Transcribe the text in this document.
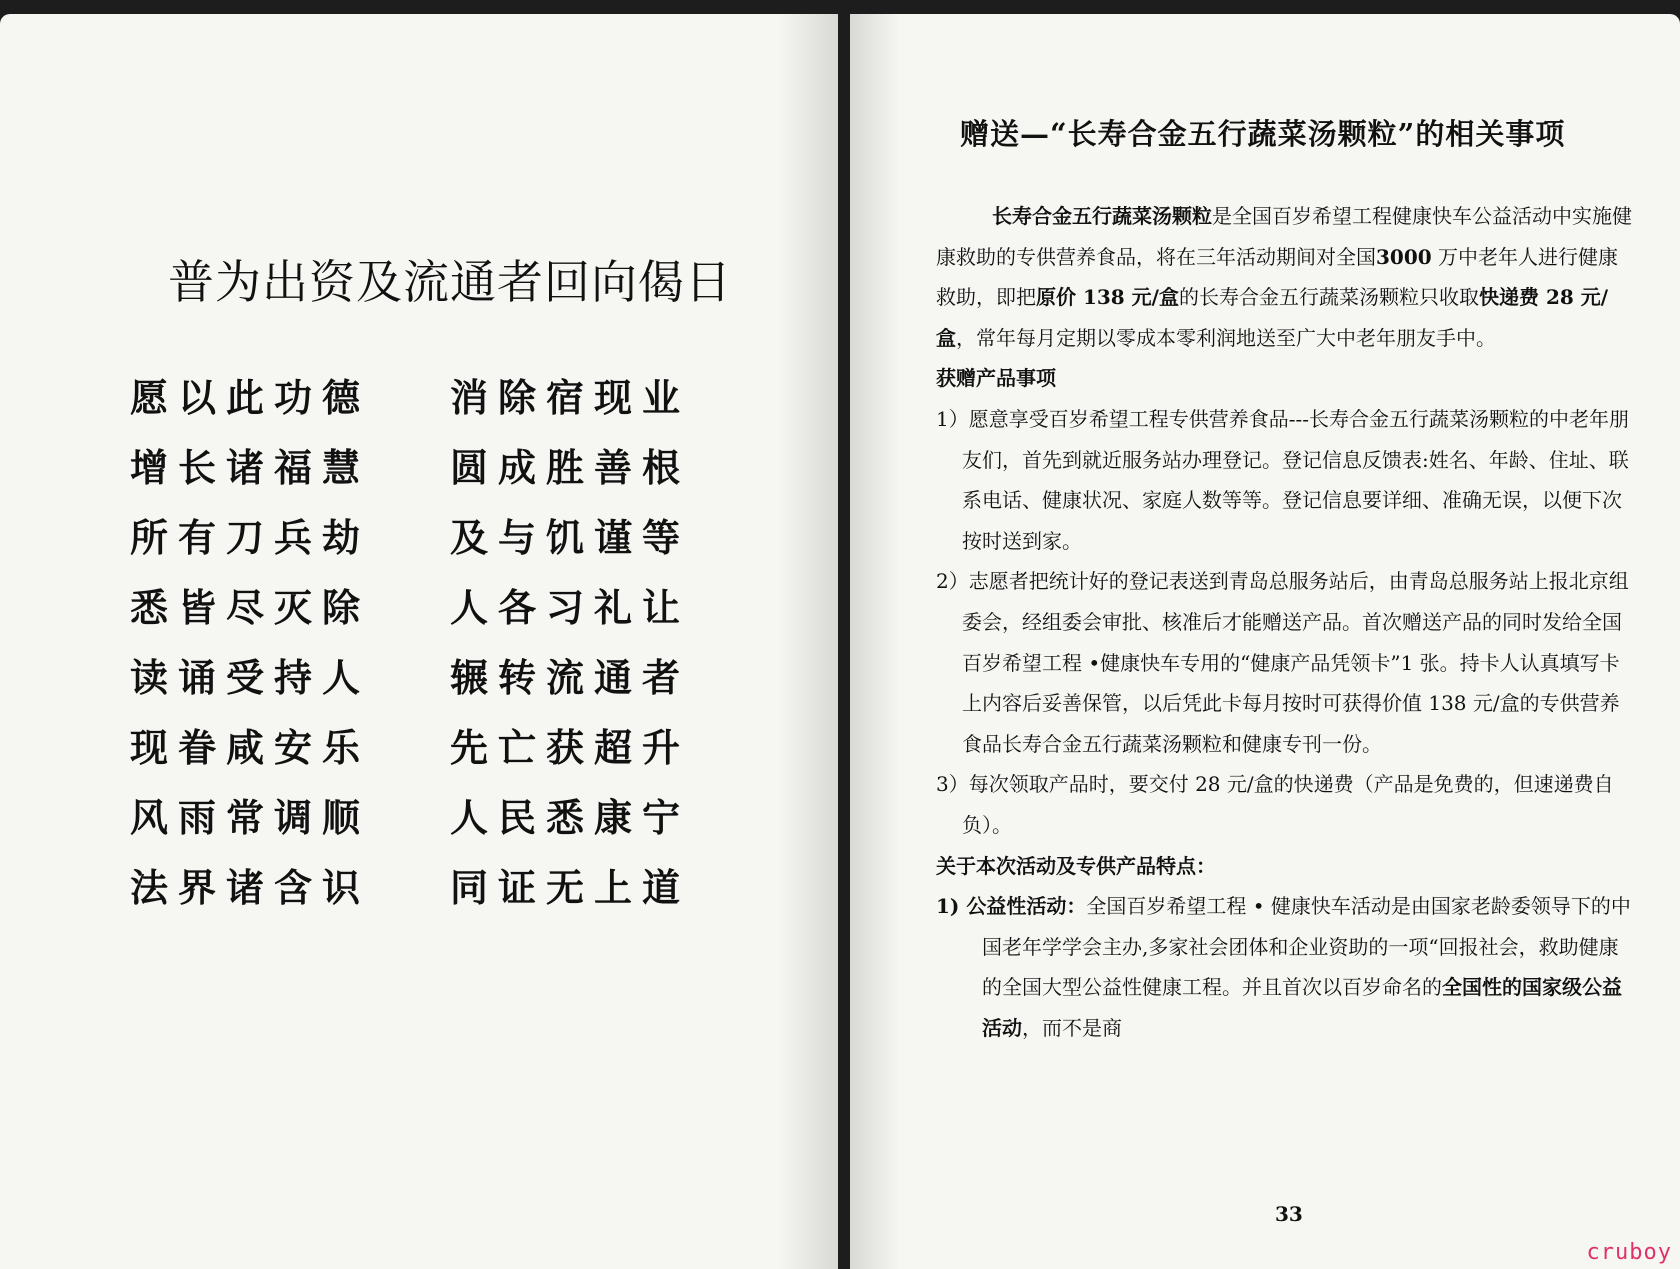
普为出资及流通者回向偈日
愿以此功德	消除宿现业
增长诸福慧	圆成胜善根
所有刀兵劫	及与饥谨等
悉皆尽灭除	人各习礼让
读诵受持人	辗转流通者
现眷咸安乐	先亡获超升
风雨常调顺	人民悉康宁
法界诸含识	同证无上道
赠送—“长寿合金五行蔬菜汤颗粒”的相关事项

长寿合金五行蔬菜汤颗粒是全国百岁希望工程健康快车公益活动中实施健康救助的专供营养食品，将在三年活动期间对全国3000 万中老年人进行健康救助，即把原价 138 元/盒的长寿合金五行蔬菜汤颗粒只收取快递费 28 元/盒，常年每月定期以零成本零利润地送至广大中老年朋友手中。

获赠产品事项

1）愿意享受百岁希望工程专供营养食品---长寿合金五行蔬菜汤颗粒的中老年朋友们，首先到就近服务站办理登记。登记信息反馈表:姓名、年龄、住址、联系电话、健康状况、家庭人数等等。登记信息要详细、准确无误，以便下次按时送到家。

2）志愿者把统计好的登记表送到青岛总服务站后，由青岛总服务站上报北京组委会，经组委会审批、核准后才能赠送产品。首次赠送产品的同时发给全国百岁希望工程 •健康快车专用的“健康产品凭领卡”1 张。持卡人认真填写卡上内容后妥善保管，以后凭此卡每月按时可获得价值 138 元/盒的专供营养食品长寿合金五行蔬菜汤颗粒和健康专刊一份。

3）每次领取产品时，要交付 28 元/盒的快递费（产品是免费的，但速递费自负）。

关于本次活动及专供产品特点：

1) 公益性活动：全国百岁希望工程 • 健康快车活动是由国家老龄委领导下的中国老年学学会主办,多家社会团体和企业资助的一项“回报社会，救助健康的全国大型公益性健康工程。并且首次以百岁命名的全国性的国家级公益活动，而不是商

33
cruboy
